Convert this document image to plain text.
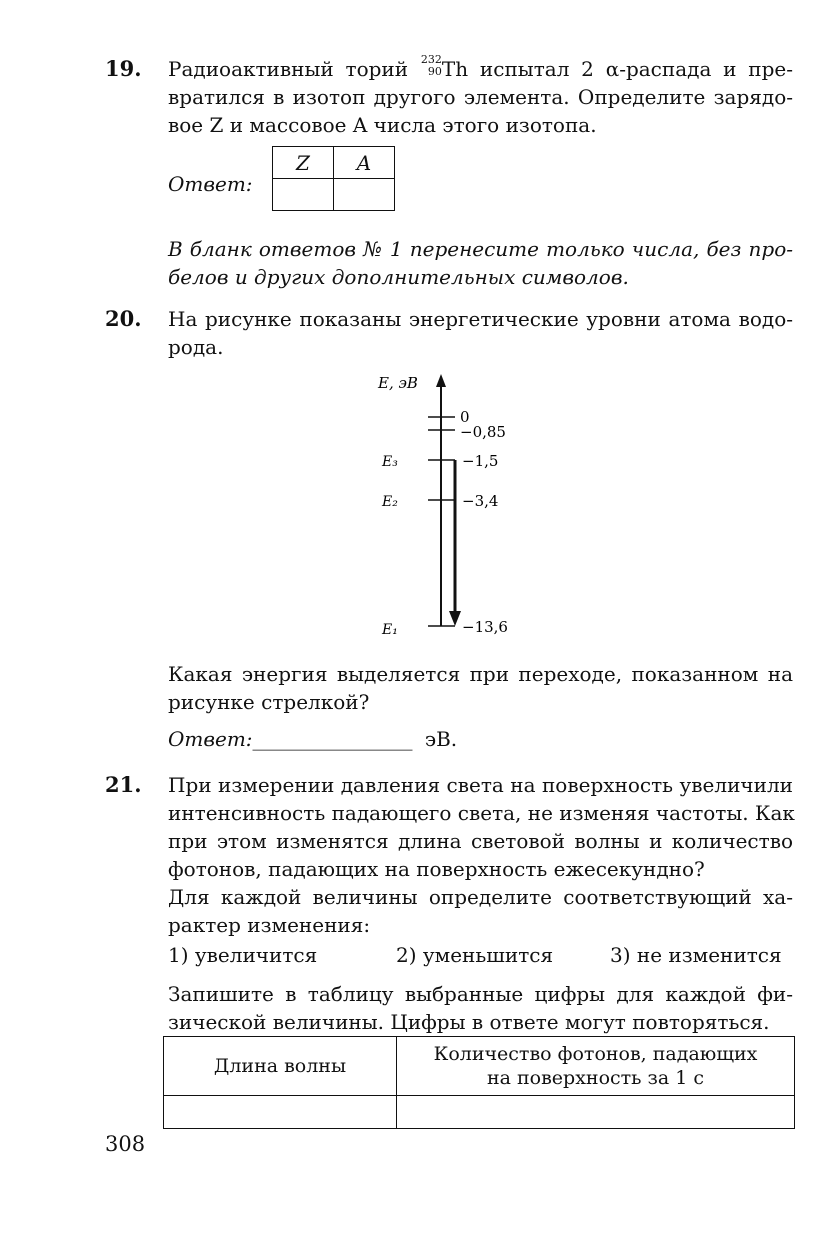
19. Радиоактивный торий 232
90 Th испытал 2 α-распада и пре-
вратился в изотоп другого элемента. Определите зарядо-
вое Z и массовое A числа этого изотопа.
Ответ:
Z	A

В бланк ответов № 1 перенесите только числа, без про-
белов и других дополнительных символов.
20. На рисунке показаны энергетические уровни атома водо-
рода.
E, эВ
0
−0,85
E₃	−1,5
E₂	−3,4
E₁	−13,6
Какая энергия выделяется при переходе, показанном на
рисунке стрелкой?
Ответ:________________ эВ.
21. При измерении давления света на поверхность увеличили
интенсивность падающего света, не изменяя частоты. Как
при этом изменятся длина световой волны и количество
фотонов, падающих на поверхность ежесекундно?
Для каждой величины определите соответствующий ха-
рактер изменения:
1) увеличится	2) уменьшится	3) не изменится
Запишите в таблицу выбранные цифры для каждой фи-
зической величины. Цифры в ответе могут повторяться.
Длина волны	Количество фотонов, падающих
на поверхность за 1 с

308
